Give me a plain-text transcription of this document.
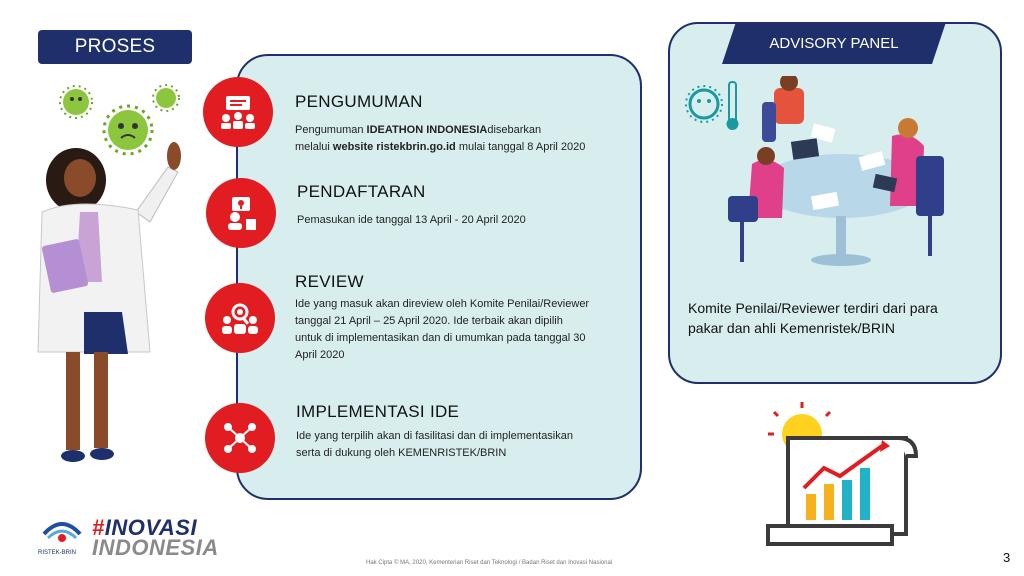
PROSES
PENGUMUMAN
Pengumuman IDEATHON INDONESIAdisebarkan
melalui website ristekbrin.go.id mulai tanggal 8 April 2020
PENDAFTARAN
Pemasukan ide tanggal 13 April - 20 April 2020
REVIEW
Ide yang masuk akan direview oleh Komite Penilai/Reviewer
tanggal 21 April – 25 April 2020. Ide terbaik akan dipilih
untuk di implementasikan dan di umumkan pada tanggal 30
April 2020
IMPLEMENTASI IDE
Ide yang terpilih akan di fasilitasi dan di implementasikan
serta di dukung oleh KEMENRISTEK/BRIN
ADVISORY PANEL
Komite Penilai/Reviewer terdiri dari para
pakar dan ahli Kemenristek/BRIN
RISTEK-BRIN
#INOVASI
INDONESIA
Hak Cipta © MA, 2020, Kementerian Riset dan Teknologi / Badan Riset dan Inovasi Nasional	3
